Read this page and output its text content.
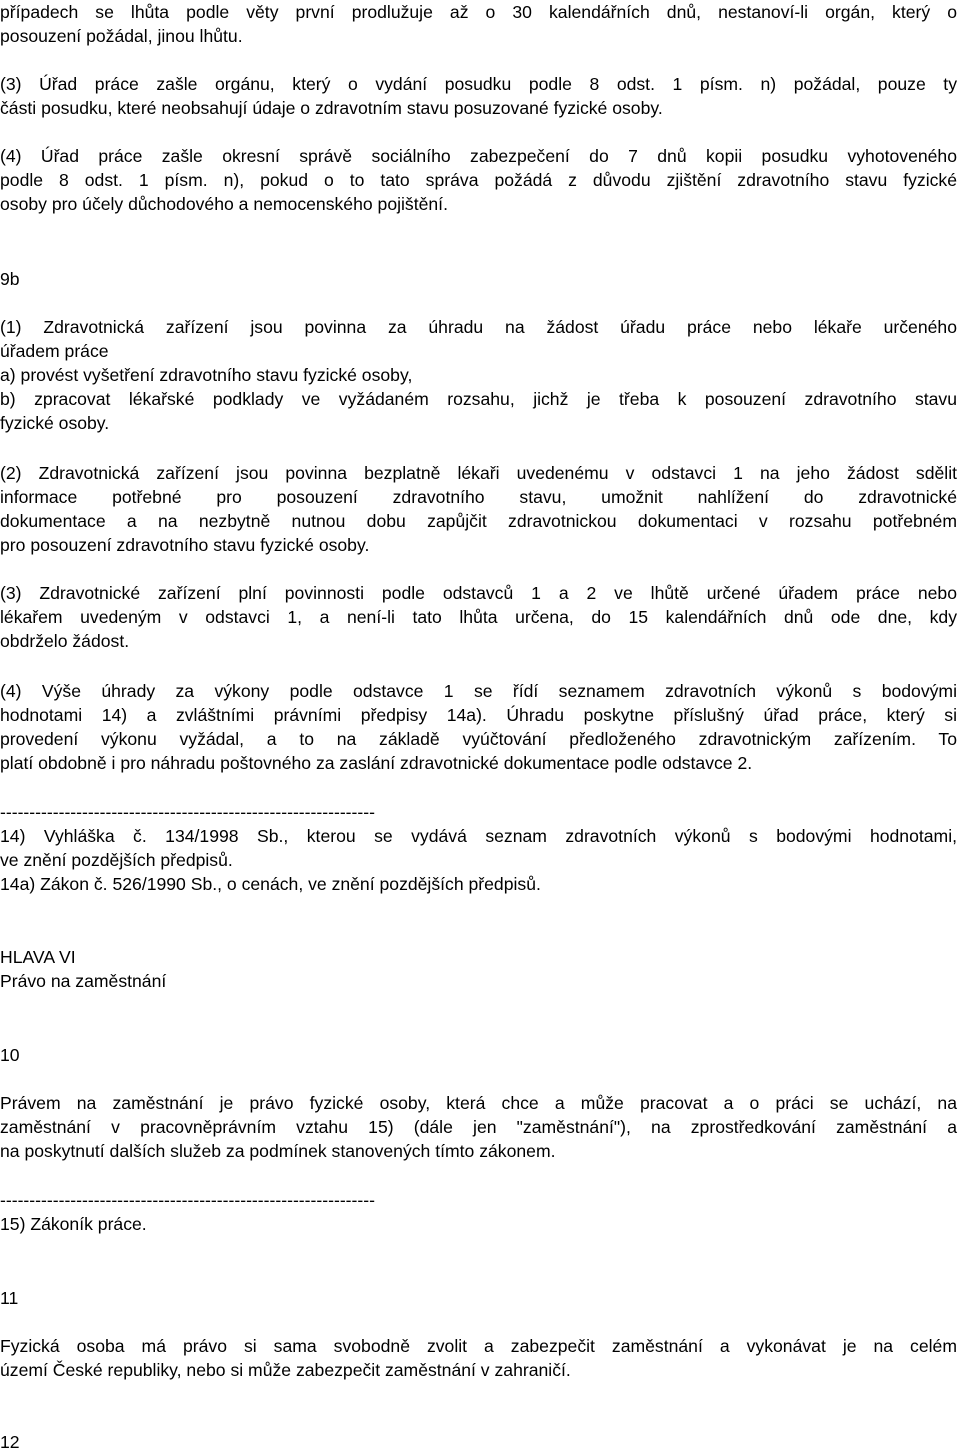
případech se lhůta podle věty první prodlužuje až o 30 kalendářních dnů, nestanoví-li orgán, který o
posouzení požádal, jinou lhůtu.
(3) Úřad práce zašle orgánu, který o vydání posudku podle 8 odst. 1 písm. n) požádal, pouze ty
části posudku, které neobsahují údaje o zdravotním stavu posuzované fyzické osoby.
(4) Úřad práce zašle okresní správě sociálního zabezpečení do 7 dnů kopii posudku vyhotoveného
podle 8 odst. 1 písm. n), pokud o to tato správa požádá z důvodu zjištění zdravotního stavu fyzické
osoby pro účely důchodového a nemocenského pojištění.
9b
(1) Zdravotnická zařízení jsou povinna za úhradu na žádost úřadu práce nebo lékaře určeného
úřadem práce
a) provést vyšetření zdravotního stavu fyzické osoby,
b) zpracovat lékařské podklady ve vyžádaném rozsahu, jichž je třeba k posouzení zdravotního stavu
fyzické osoby.
(2) Zdravotnická zařízení jsou povinna bezplatně lékaři uvedenému v odstavci 1 na jeho žádost sdělit
informace potřebné pro posouzení zdravotního stavu, umožnit nahlížení do zdravotnické
dokumentace a na nezbytně nutnou dobu zapůjčit zdravotnickou dokumentaci v rozsahu potřebném
pro posouzení zdravotního stavu fyzické osoby.
(3) Zdravotnické zařízení plní povinnosti podle odstavců 1 a 2 ve lhůtě určené úřadem práce nebo
lékařem uvedeným v odstavci 1, a není-li tato lhůta určena, do 15 kalendářních dnů ode dne, kdy
obdrželo žádost.
(4) Výše úhrady za výkony podle odstavce 1 se řídí seznamem zdravotních výkonů s bodovými
hodnotami 14) a zvláštními právními předpisy 14a). Úhradu poskytne příslušný úřad práce, který si
provedení výkonu vyžádal, a to na základě vyúčtování předloženého zdravotnickým zařízením. To
platí obdobně i pro náhradu poštovného za zaslání zdravotnické dokumentace podle odstavce 2.
----------------------------------------------------------------
14) Vyhláška č. 134/1998 Sb., kterou se vydává seznam zdravotních výkonů s bodovými hodnotami,
ve znění pozdějších předpisů.
14a) Zákon č. 526/1990 Sb., o cenách, ve znění pozdějších předpisů.
HLAVA VI
Právo na zaměstnání
10
Právem na zaměstnání je právo fyzické osoby, která chce a může pracovat a o práci se uchází, na
zaměstnání v pracovněprávním vztahu 15) (dále jen "zaměstnání"), na zprostředkování zaměstnání a
na poskytnutí dalších služeb za podmínek stanovených tímto zákonem.
----------------------------------------------------------------
15) Zákoník práce.
11
Fyzická osoba má právo si sama svobodně zvolit a zabezpečit zaměstnání a vykonávat je na celém
území České republiky, nebo si může zabezpečit zaměstnání v zahraničí.
12
